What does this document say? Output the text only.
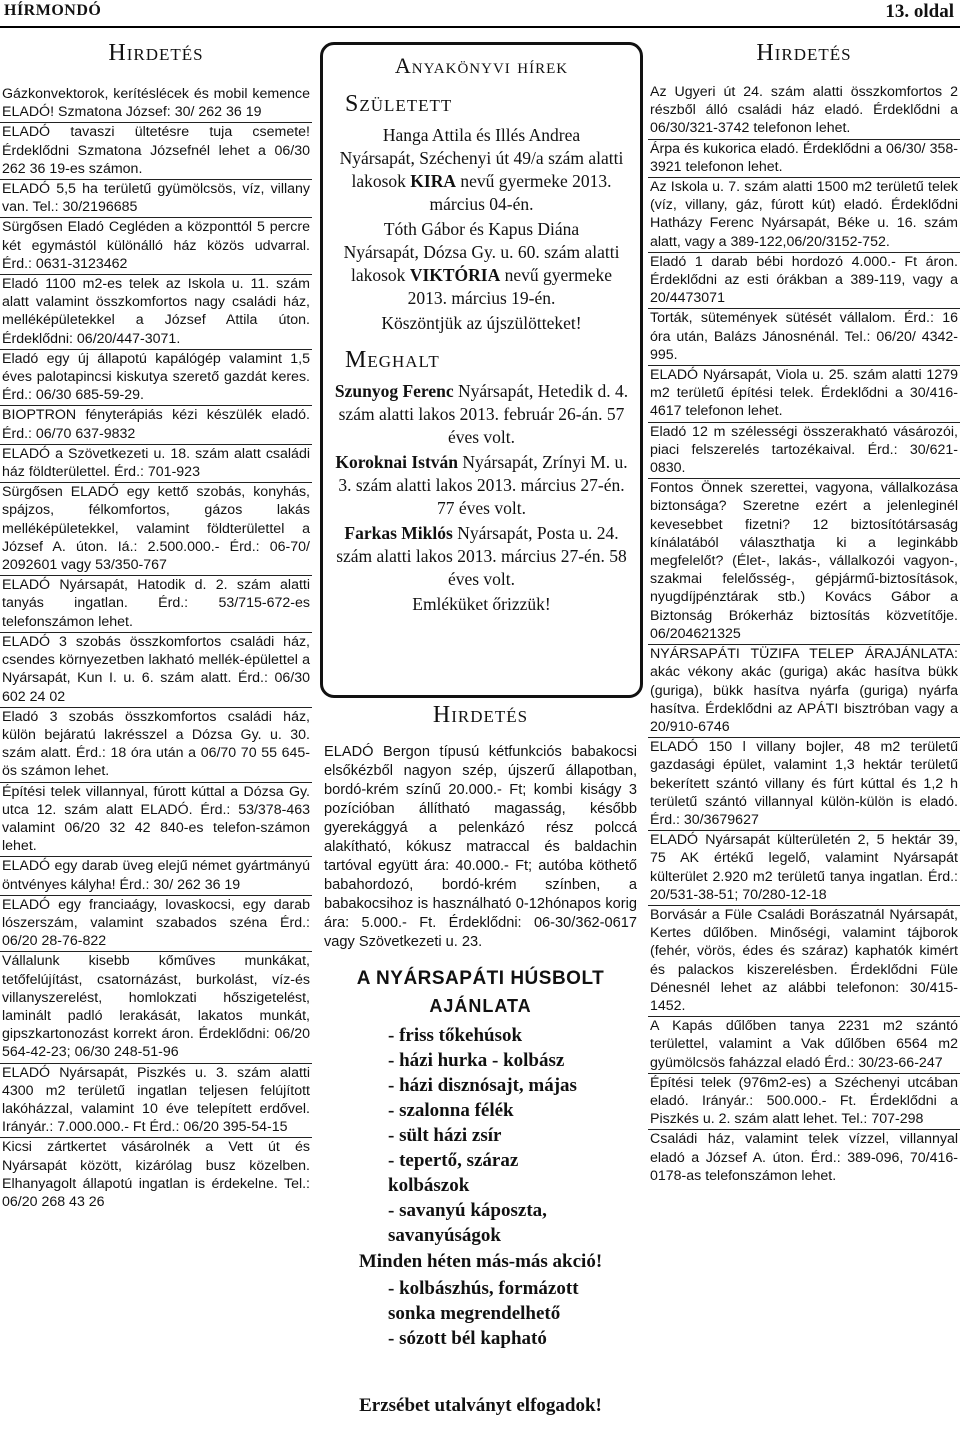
HÍRMONDÓ	13. oldal
Hirdetés

Gázkonvektorok, kerítéslécek és mobil kemence ELADÓ! Szmatona József: 30/ 262 36 19

ELADÓ tavaszi ültetésre tuja csemete! Érdeklődni Szmatona Józsefnél lehet a 06/30 262 36 19-es számon.

ELADÓ 5,5 ha területű gyümölcsös, víz, villany van. Tel.: 30/2196685

Sürgősen Eladó Cegléden a központtól 5 percre két egymástól különálló ház közös udvarral. Érd.: 0631-3123462

Eladó 1100 m2-es telek az Iskola u. 11. szám alatt valamint összkomfortos nagy családi ház, melléképületekkel a József Attila úton. Érdeklődni: 06/20/447-3071.

Eladó egy új állapotú kapálógép valamint 1,5 éves palotapincsi kiskutya szerető gazdát keres. Érd.: 06/30 685-59-29.

BIOPTRON fényterápiás kézi készülék eladó. Érd.: 06/70 637-9832

ELADÓ a Szövetkezeti u. 18. szám alatt családi ház földterülettel. Érd.: 701-923

Sürgősen ELADÓ egy kettő szobás, konyhás, spájzos, félkomfortos, gázos lakás melléképületekkel, valamint földterülettel a József A. úton. Iá.: 2.500.000.- Érd.: 06-70/ 2092601 vagy 53/350-767

ELADÓ Nyársapát, Hatodik d. 2. szám alatti tanyás ingatlan. Érd.: 53/715-672-es telefonszámon lehet.

ELADÓ 3 szobás összkomfortos családi ház, csendes környezetben lakható mellék-épülettel a Nyársapát, Kun I. u. 6. szám alatt. Érd.: 06/30 602 24 02

Eladó 3 szobás összkomfortos családi ház, külön bejáratú lakrésszel a Dózsa Gy. u. 30. szám alatt. Érd.: 18 óra után a 06/70 70 55 645-ös számon lehet.

Építési telek villannyal, fúrott kúttal a Dózsa Gy. utca 12. szám alatt ELADÓ. Érd.: 53/378-463 valamint 06/20 32 42 840-es telefon-számon lehet.

ELADÓ egy darab üveg elejű német gyártmányú öntvényes kályha! Érd.: 30/ 262 36 19

ELADÓ egy franciaágy, lovaskocsi, egy darab lószerszám, valamint szabados széna Érd.: 06/20 28-76-822

Vállalunk kisebb kőműves munkákat, tetőfelújítást, csatornázást, burkolást, víz-és villanyszerelést, homlokzati hőszigetelést, laminált padló lerakását, lakatos munkát, gipszkartonozást korrekt áron. Érdeklődni: 06/20 564-42-23; 06/30 248-51-96

ELADÓ Nyársapát, Piszkés u. 3. szám alatti 4300 m2 területű ingatlan teljesen felújított lakóházzal, valamint 10 éve telepített erdővel. Irányár.: 7.000.000.- Ft Érd.: 06/20 395-54-15

Kicsi zártkertet vásárolnék a Vett út és Nyársapát között, kizárólag busz közelben. Elhanyagolt állapotú ingatlan is érdekelne. Tel.: 06/20 268 43 26

Anyakönyvi hírek
Született
Hanga Attila és Illés Andrea
Nyársapát, Széchenyi út 49/a szám alatti lakosok KIRA nevű gyermeke 2013. március 04-én.
Tóth Gábor és Kapus Diána
Nyársapát, Dózsa Gy. u. 60. szám alatti lakosok VIKTÓRIA nevű gyermeke 2013. március 19-én.
Köszöntjük az újszülötteket!
Meghalt
Szunyog Ferenc Nyársapát, Hetedik d. 4. szám alatti lakos 2013. február 26-án. 57 éves volt.
Koroknai István Nyársapát, Zrínyi M. u. 3. szám alatti lakos 2013. március 27-én. 77 éves volt.
Farkas Miklós Nyársapát, Posta u. 24. szám alatti lakos 2013. március 27-én. 58 éves volt.
Emléküket őrizzük!
Hirdetés

ELADÓ Bergon típusú kétfunkciós babakocsi elsőkézből nagyon szép, újszerű állapotban, bordó-krém színű 20.000.- Ft; kombi kiságy 3 pozícióban állítható magasság, később gyerekággyá a pelenkázó rész polccá alakítható, kókusz matraccal és baldachin tartóval együtt ára: 40.000.- Ft; autóba köthető babahordozó, bordó-krém színben, a babakocsihoz is használható 0-12hónapos korig ára: 5.000.- Ft. Érdeklődni: 06-30/362-0617 vagy Szövetkezeti u. 23.

A NYÁRSAPÁTI HÚSBOLT
AJÁNLATA
- friss tőkehúsok
- házi hurka - kolbász
- házi disznósajt, májas
- szalonna félék
- sült házi zsír
- tepertő, száraz
kolbászok
- savanyú káposzta,
savanyúságok
Minden héten más-más akció!
- kolbászhús, formázott
sonka megrendelhető
- sózott bél kapható
Erzsébet utalványt elfogadok!
Hirdetés

Az Ugyeri út 24. szám alatti összkomfortos 2 részből álló családi ház eladó. Érdeklődni a 06/30/321-3742 telefonon lehet.

Árpa és kukorica eladó. Érdeklődni a 06/30/ 358-3921 telefonon lehet.

Az Iskola u. 7. szám alatti 1500 m2 területű telek (víz, villany, gáz, fúrott kút) eladó. Érdeklődni Hatházy Ferenc Nyársapát, Béke u. 16. szám alatt, vagy a 389-122,06/20/3152-752.

Eladó 1 darab bébi hordozó 4.000.- Ft áron. Érdeklődni az esti órákban a 389-119, vagy a 20/4473071

Torták, sütemények sütését vállalom. Érd.: 16 óra után, Balázs Jánosnénál. Tel.: 06/20/ 4342-995.

ELADÓ Nyársapát, Viola u. 25. szám alatti 1279 m2 területű építési telek. Érdeklődni a 30/416-4617 telefonon lehet.

Eladó 12 m szélességi összerakható vásározói, piaci felszerelés tartozékaival. Érd.: 30/621-0830.

Fontos Önnek szerettei, vagyona, vállalkozása biztonsága? Szeretne ezért a jelenleginél kevesebbet fizetni? 12 biztosítótársaság kínálatából választhatja ki a leginkább megfelelőt? (Élet-, lakás-, vállalkozói vagyon-, szakmai felelősség-, gépjármű-biztosítások, nyugdíjpénztárak stb.) Kovács Gábor a Biztonság Brókerház biztosítás közvetítője. 06/204621325

NYÁRSAPÁTI TÜZIFA TELEP ÁRAJÁNLATA: akác vékony akác (guriga) akác hasítva bükk (guriga), bükk hasítva nyárfa (guriga) nyárfa hasítva. Érdeklődni az APÁTI bisztróban vagy a 20/910-6746

ELADÓ 150 l villany bojler, 48 m2 területű gazdasági épület, valamint 1,3 hektár területű bekerített szántó villany és fúrt kúttal és 1,2 h területű szántó villannyal külön-külön is eladó. Érd.: 30/3679627

ELADÓ Nyársapát külterületén 2, 5 hektár 39, 75 AK értékű legelő, valamint Nyársapát külterület 2.920 m2 területű tanya ingatlan. Érd.: 20/531-38-51; 70/280-12-18

Borvásár a Füle Családi Borászatnál Nyársapát, Kertes dűlőben. Minőségi, valamint tájborok (fehér, vörös, édes és száraz) kaphatók kimért és palackos kiszerelésben. Érdeklődni Füle Dénesnél lehet az alábbi telefonon: 30/415-1452.

A Kapás dűlőben tanya 2231 m2 szántó területtel, valamint a Vak dűlőben 6564 m2 gyümölcsös faházzal eladó Érd.: 30/23-66-247

Építési telek (976m2-es) a Széchenyi utcában eladó. Irányár.: 500.000.- Ft. Érdeklődni a Piszkés u. 2. szám alatt lehet. Tel.: 707-298

Családi ház, valamint telek vízzel, villannyal eladó a József A. úton. Érd.: 389-096, 70/416-0178-as telefonszámon lehet.
